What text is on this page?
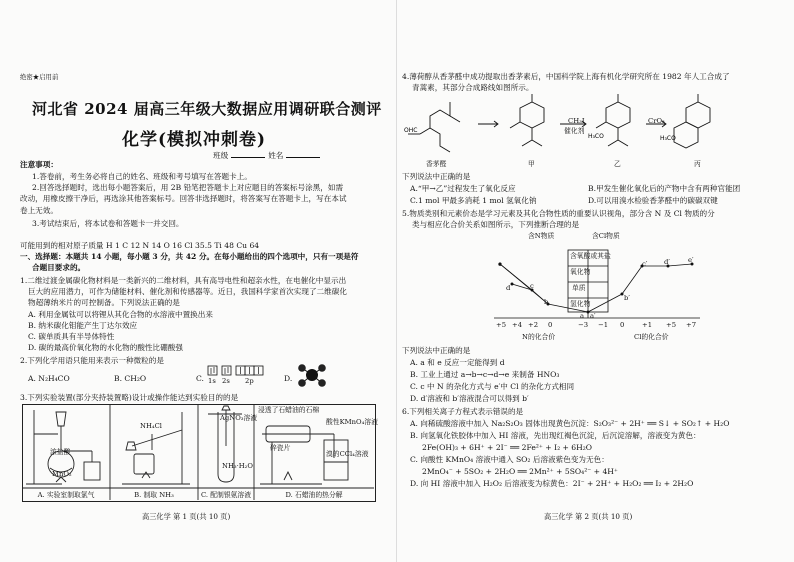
绝密★启用前
河北省 2024 届高三年级大数据应用调研联合测评
化学(模拟冲刺卷)
班级	姓名
注意事项：
1.答卷前，考生务必将自己的姓名、班级和考号填写在答题卡上。
2.回答选择题时，选出每小题答案后，用 2B 铅笔把答题卡上对应题目的答案标号涂黑，如需
改动，用橡皮擦干净后，再选涂其他答案标号。回答非选择题时，将答案写在答题卡上，写在本试
卷上无效。
3.考试结束后，将本试卷和答题卡一并交回。
可能用到的相对原子质量 H 1 C 12 N 14 O 16 Cl 35.5 Ti 48 Cu 64
一、选择题：本题共 14 小题，每小题 3 分，共 42 分。在每小题给出的四个选项中，只有一项是符
合题目要求的。
1.二维过渡金属碳化物材料是一类新兴的二维材料，具有高导电性和超亲水性，在电催化中显示出
巨大的应用潜力，可作为储能材料、催化剂和传感器等。近日，我国科学家首次实现了二维碳化
物超薄纳米片的可控制备。下列说法正确的是
A. 利用金属钛可以将锂从其化合物的水溶液中置换出来
B. 纳米碳化钼能产生丁达尔效应
C. 碳单质具有半导体特性
D. 碳的最高价氧化物的水化物的酸性比硼酸强
2.下列化学用语只能用来表示一种微粒的是
A. N₂H₄CO	B. CH₂O	C. 1s 2s 2p	D.
3.下列实验装置(部分夹持装置略)设计或操作能达到实验目的的是
浓盐酸
MnO₂
NH₄Cl
AgNO₃溶液
NH₃·H₂O
浸透了石蜡油的石棉
碎瓷片
酸性KMnO₄溶液
溴的CCl₄溶液
A. 实验室制取氯气	B. 制取 NH₃	C. 配制银氨溶液	D. 石蜡油的热分解
高三化学 第 1 页(共 10 页)
4.薄荷醇从香茅醛中成功提取出香茅素后，中国科学院上海有机化学研究所在 1982 年人工合成了
青蒿素，其部分合成路线如图所示。
OHC
H₃CO	H₃CO
CH₃I
催化剂
CrO₃
香茅醛	甲	乙	丙
下列说法中正确的是
A.“甲→乙”过程发生了氧化反应	B.甲发生催化氧化后的产物中含有两种官能团
C.1 mol 甲最多消耗 1 mol 氢氧化钠	D.可以用溴水检验香茅醛中的碳碳双键
5.物质类别和元素价态是学习元素及其化合物性质的重要认识视角，部分含 N 及 Cl 物质的分
类与相应化合价关系如图所示，下列推断合理的是
含N物质	含Cl物质
含氧酸或其盐
氧化物
单质
氢化物
e
d	c
b
a a′
b′
c′ d′	e′
+5 +4 +2 0	−3 −1 0	+1 +5 +7
N的化合价	Cl的化合价
下列说法中正确的是
A. a 和 e 反应一定能得到 d
B. 工业上通过 a→b→c→d→e 来制备 HNO₃
C. c 中 N 的杂化方式与 e′中 Cl 的杂化方式相同
D. d′溶液和 b′溶液混合可以得到 b′
6.下列相关离子方程式表示错误的是
A. 向稀硫酸溶液中加入 Na₂S₂O₃ 固体出现黄色沉淀：S₂O₃²⁻ + 2H⁺ ══ S↓ + SO₂↑ + H₂O
B. 向氢氧化铁胶体中加入 HI 溶液，先出现红褐色沉淀，后沉淀溶解，溶液变为黄色：
2Fe(OH)₃ + 6H⁺ + 2I⁻ ══ 2Fe²⁺ + I₂ + 6H₂O
C. 向酸性 KMnO₄ 溶液中通入 SO₂ 后溶液紫色变为无色：
2MnO₄⁻ + 5SO₂ + 2H₂O ══ 2Mn²⁺ + 5SO₄²⁻ + 4H⁺
D. 向 HI 溶液中加入 H₂O₂ 后溶液变为棕黄色：2I⁻ + 2H⁺ + H₂O₂ ══ I₂ + 2H₂O
高三化学 第 2 页(共 10 页)
